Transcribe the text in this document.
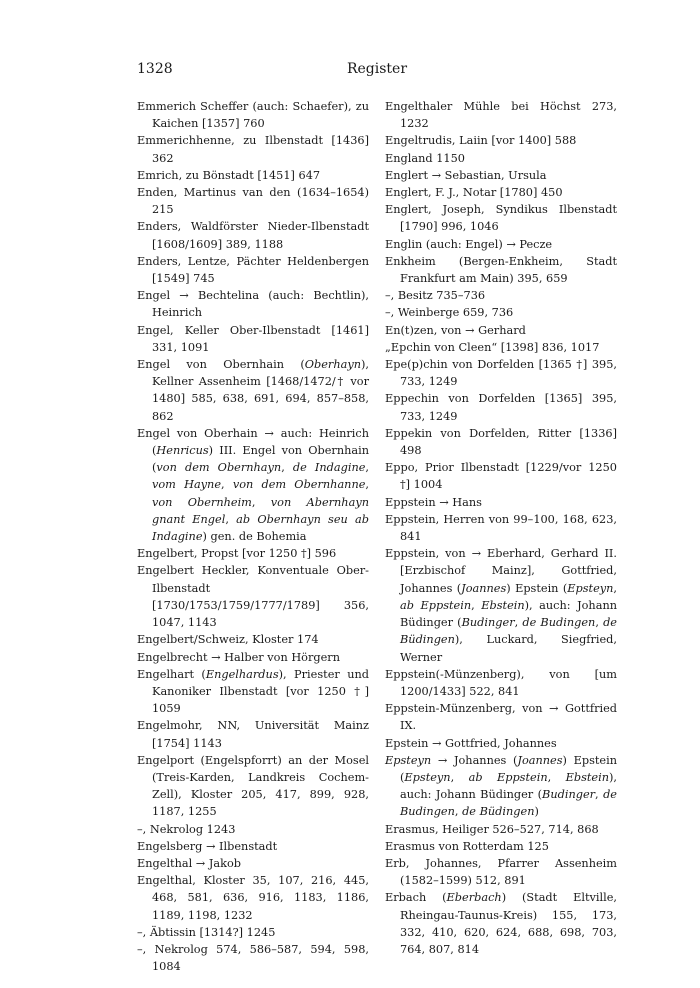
1328	Register

Emmerich Scheffer (auch: Schaefer), zu Kaichen [1357] 760

Emmerichhenne, zu Ilbenstadt [1436] 362

Emrich, zu Bönstadt [1451] 647

Enden, Martinus van den (1634–1654) 215

Enders, Waldförster Nieder-Ilbenstadt [1608/1609] 389, 1188

Enders, Lentze, Pächter Heldenbergen [1549] 745

Engel → Bechtelina (auch: Bechtlin), Heinrich

Engel, Keller Ober-Ilbenstadt [1461] 331, 1091

Engel von Obernhain (Oberhayn), Kellner Assenheim [1468/1472/† vor 1480] 585, 638, 691, 694, 857–858, 862

Engel von Oberhain → auch: Heinrich (Henricus) III. Engel von Obernhain (von dem Obernhayn, de Indagine, vom Hayne, von dem Obernhanne, von Obernheim, von Abernhayn gnant Engel, ab Obernhayn seu ab Indagine) gen. de Bohemia

Engelbert, Propst [vor 1250 †] 596

Engelbert Heckler, Konventuale Ober-Ilbenstadt [1730/1753/1759/1777/1789] 356, 1047, 1143

Engelbert/Schweiz, Kloster 174

Engelbrecht → Halber von Hörgern

Engelhart (Engelhardus), Priester und Kanoniker Ilbenstadt [vor 1250 †] 1059

Engelmohr, NN, Universität Mainz [1754] 1143

Engelport (Engelspforrt) an der Mosel (Treis-Karden, Landkreis Cochem-Zell), Kloster 205, 417, 899, 928, 1187, 1255

–, Nekrolog 1243

Engelsberg → Ilbenstadt

Engelthal → Jakob

Engelthal, Kloster 35, 107, 216, 445, 468, 581, 636, 916, 1183, 1186, 1189, 1198, 1232

–, Äbtissin [1314?] 1245

–, Nekrolog 574, 586–587, 594, 598, 1084

Engelthaler Mühle bei Höchst 273, 1232

Engeltrudis, Laiin [vor 1400] 588

England 1150

Englert → Sebastian, Ursula

Englert, F. J., Notar [1780] 450

Englert, Joseph, Syndikus Ilbenstadt [1790] 996, 1046

Englin (auch: Engel) → Pecze

Enkheim (Bergen-Enkheim, Stadt Frankfurt am Main) 395, 659

–, Besitz 735–736

–, Weinberge 659, 736

En(t)zen, von → Gerhard

„Epchin von Cleen“ [1398] 836, 1017

Epe(p)chin von Dorfelden [1365 †] 395, 733, 1249

Eppechin von Dorfelden [1365] 395, 733, 1249

Eppekin von Dorfelden, Ritter [1336] 498

Eppo, Prior Ilbenstadt [1229/vor 1250 †] 1004

Eppstein → Hans

Eppstein, Herren von 99–100, 168, 623, 841

Eppstein, von → Eberhard, Gerhard II. [Erzbischof Mainz], Gottfried, Johannes (Joannes) Epstein (Epsteyn, ab Eppstein, Ebstein), auch: Johann Büdinger (Budinger, de Budingen, de Büdingen), Luckard, Siegfried, Werner

Eppstein(-Münzenberg), von [um 1200/1433] 522, 841

Eppstein-Münzenberg, von → Gottfried IX.

Epstein → Gottfried, Johannes

Epsteyn → Johannes (Joannes) Epstein (Epsteyn, ab Eppstein, Ebstein), auch: Johann Büdinger (Budinger, de Budingen, de Büdingen)

Erasmus, Heiliger 526–527, 714, 868

Erasmus von Rotterdam 125

Erb, Johannes, Pfarrer Assenheim (1582–1599) 512, 891

Erbach (Eberbach) (Stadt Eltville, Rheingau-Taunus-Kreis) 155, 173, 332, 410, 620, 624, 688, 698, 703, 764, 807, 814
